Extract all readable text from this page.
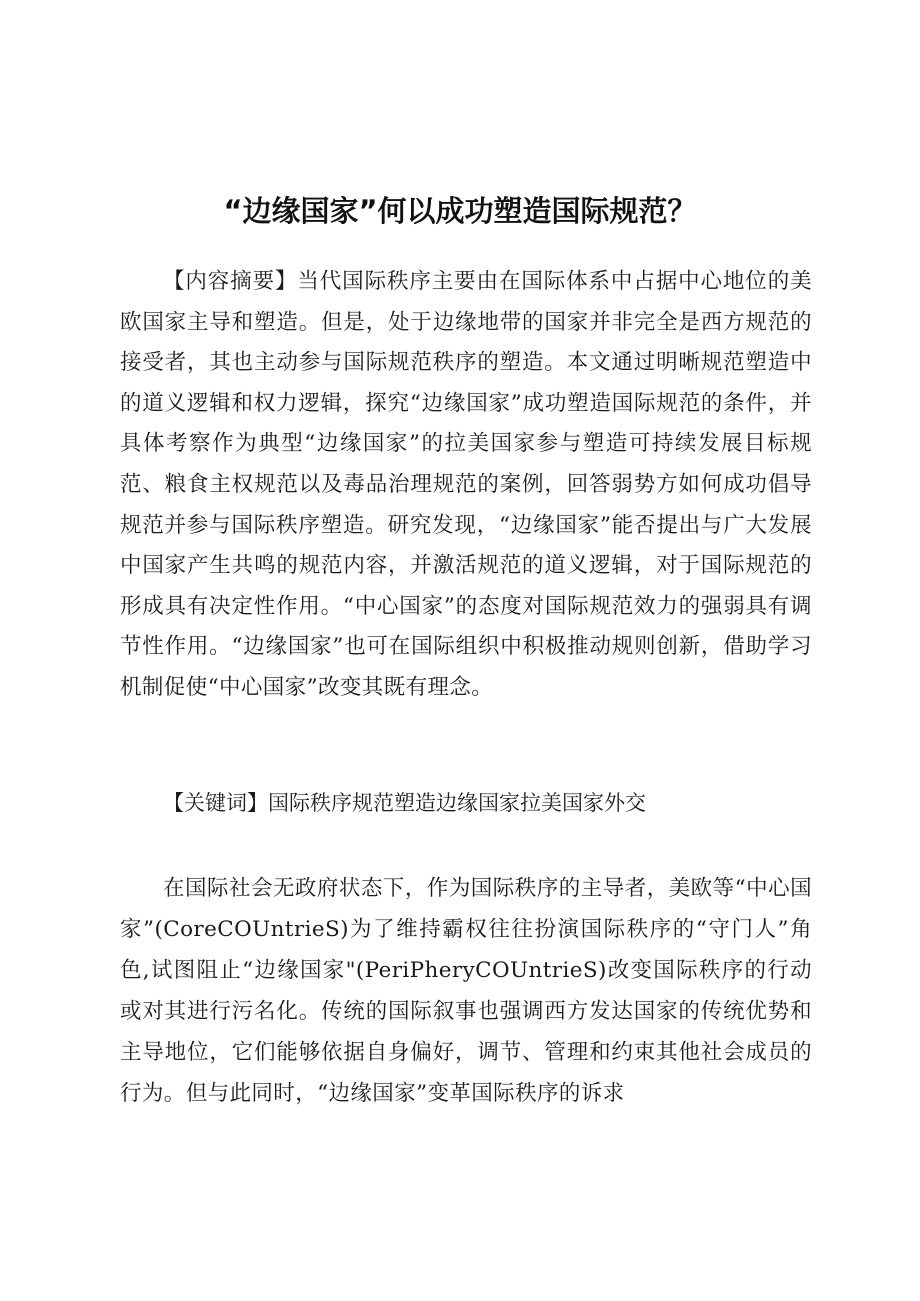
“边缘国家”何以成功塑造国际规范？

【内容摘要】当代国际秩序主要由在国际体系中占据中心地位的美欧国家主导和塑造。但是，处于边缘地带的国家并非完全是西方规范的接受者，其也主动参与国际规范秩序的塑造。本文通过明晰规范塑造中的道义逻辑和权力逻辑，探究“边缘国家”成功塑造国际规范的条件，并具体考察作为典型“边缘国家”的拉美国家参与塑造可持续发展目标规范、粮食主权规范以及毒品治理规范的案例，回答弱势方如何成功倡导规范并参与国际秩序塑造。研究发现，“边缘国家”能否提出与广大发展中国家产生共鸣的规范内容，并激活规范的道义逻辑，对于国际规范的形成具有决定性作用。“中心国家”的态度对国际规范效力的强弱具有调节性作用。“边缘国家”也可在国际组织中积极推动规则创新，借助学习机制促使“中心国家”改变其既有理念。

【关键词】国际秩序规范塑造边缘国家拉美国家外交

在国际社会无政府状态下，作为国际秩序的主导者，美欧等“中心国家”(CoreCOUntrieS)为了维持霸权往往扮演国际秩序的“守门人”角色,试图阻止“边缘国家"(PeriPheryCOUntrieS)改变国际秩序的行动或对其进行污名化。传统的国际叙事也强调西方发达国家的传统优势和主导地位，它们能够依据自身偏好，调节、管理和约束其他社会成员的行为。但与此同时，“边缘国家”变革国际秩序的诉求
